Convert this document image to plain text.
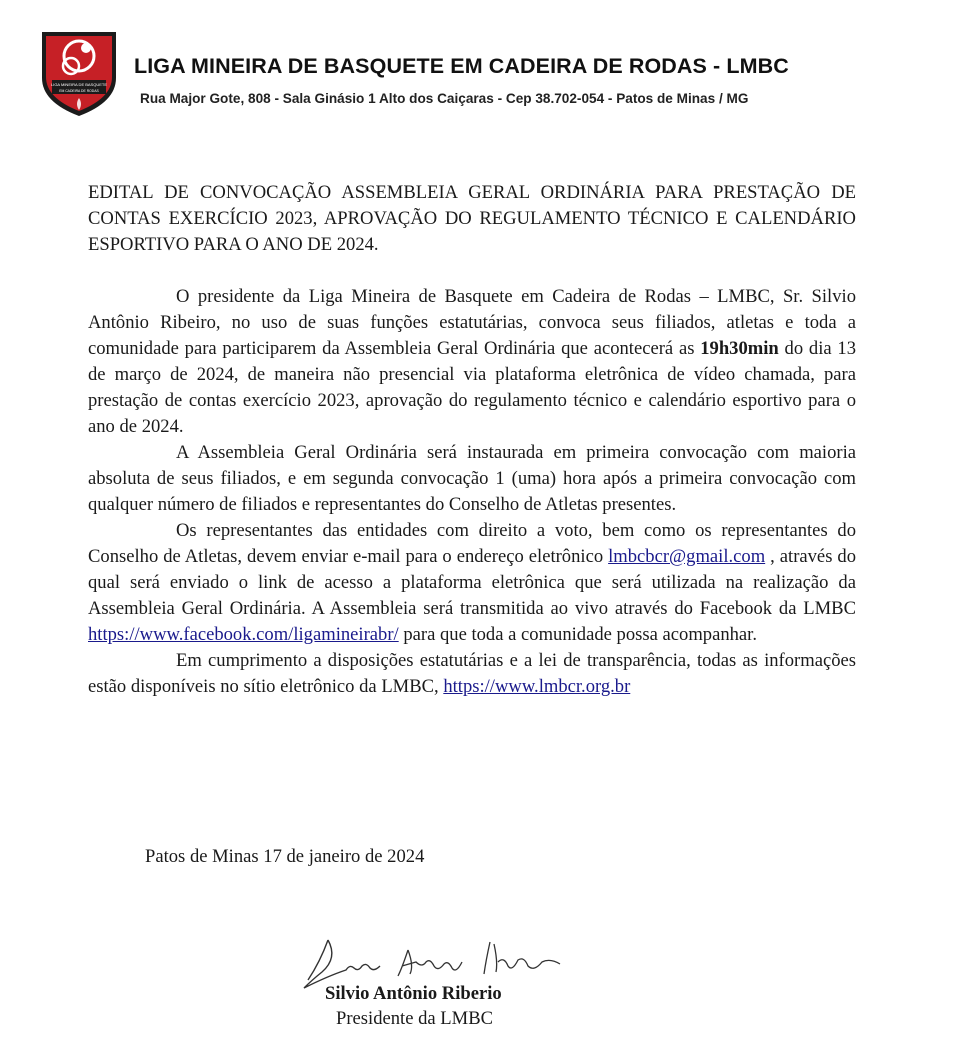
LIGA MINEIRA DE BASQUETE
EM CADEIRA DE RODAS
LIGA MINEIRA DE BASQUETE EM CADEIRA DE RODAS - LMBC
Rua Major Gote, 808 - Sala Ginásio 1 Alto dos Caiçaras - Cep 38.702-054 - Patos de Minas / MG

EDITAL DE CONVOCAÇÃO ASSEMBLEIA GERAL ORDINÁRIA PARA PRESTAÇÃO DE CONTAS EXERCÍCIO 2023, APROVAÇÃO DO REGULAMENTO TÉCNICO E CALENDÁRIO ESPORTIVO PARA O ANO DE 2024.

O presidente da Liga Mineira de Basquete em Cadeira de Rodas – LMBC, Sr. Silvio Antônio Ribeiro, no uso de suas funções estatutárias, convoca seus filiados, atletas e toda a comunidade para participarem da Assembleia Geral Ordinária que acontecerá as 19h30min do dia 13 de março de 2024, de maneira não presencial via plataforma eletrônica de vídeo chamada, para prestação de contas exercício 2023, aprovação do regulamento técnico e calendário esportivo para o ano de 2024.

A Assembleia Geral Ordinária será instaurada em primeira convocação com maioria absoluta de seus filiados, e em segunda convocação 1 (uma) hora após a primeira convocação com qualquer número de filiados e representantes do Conselho de Atletas presentes.

Os representantes das entidades com direito a voto, bem como os representantes do Conselho de Atletas, devem enviar e-mail para o endereço eletrônico lmbcbcr@gmail.com , através do qual será enviado o link de acesso a plataforma eletrônica que será utilizada na realização da Assembleia Geral Ordinária. A Assembleia será transmitida ao vivo através do Facebook da LMBC https://www.facebook.com/ligamineirabr/ para que toda a comunidade possa acompanhar.

Em cumprimento a disposições estatutárias e a lei de transparência, todas as informações estão disponíveis no sítio eletrônico da LMBC, https://www.lmbcr.org.br

Patos de Minas 17 de janeiro de 2024
Silvio Antônio Riberio
Presidente da LMBC
